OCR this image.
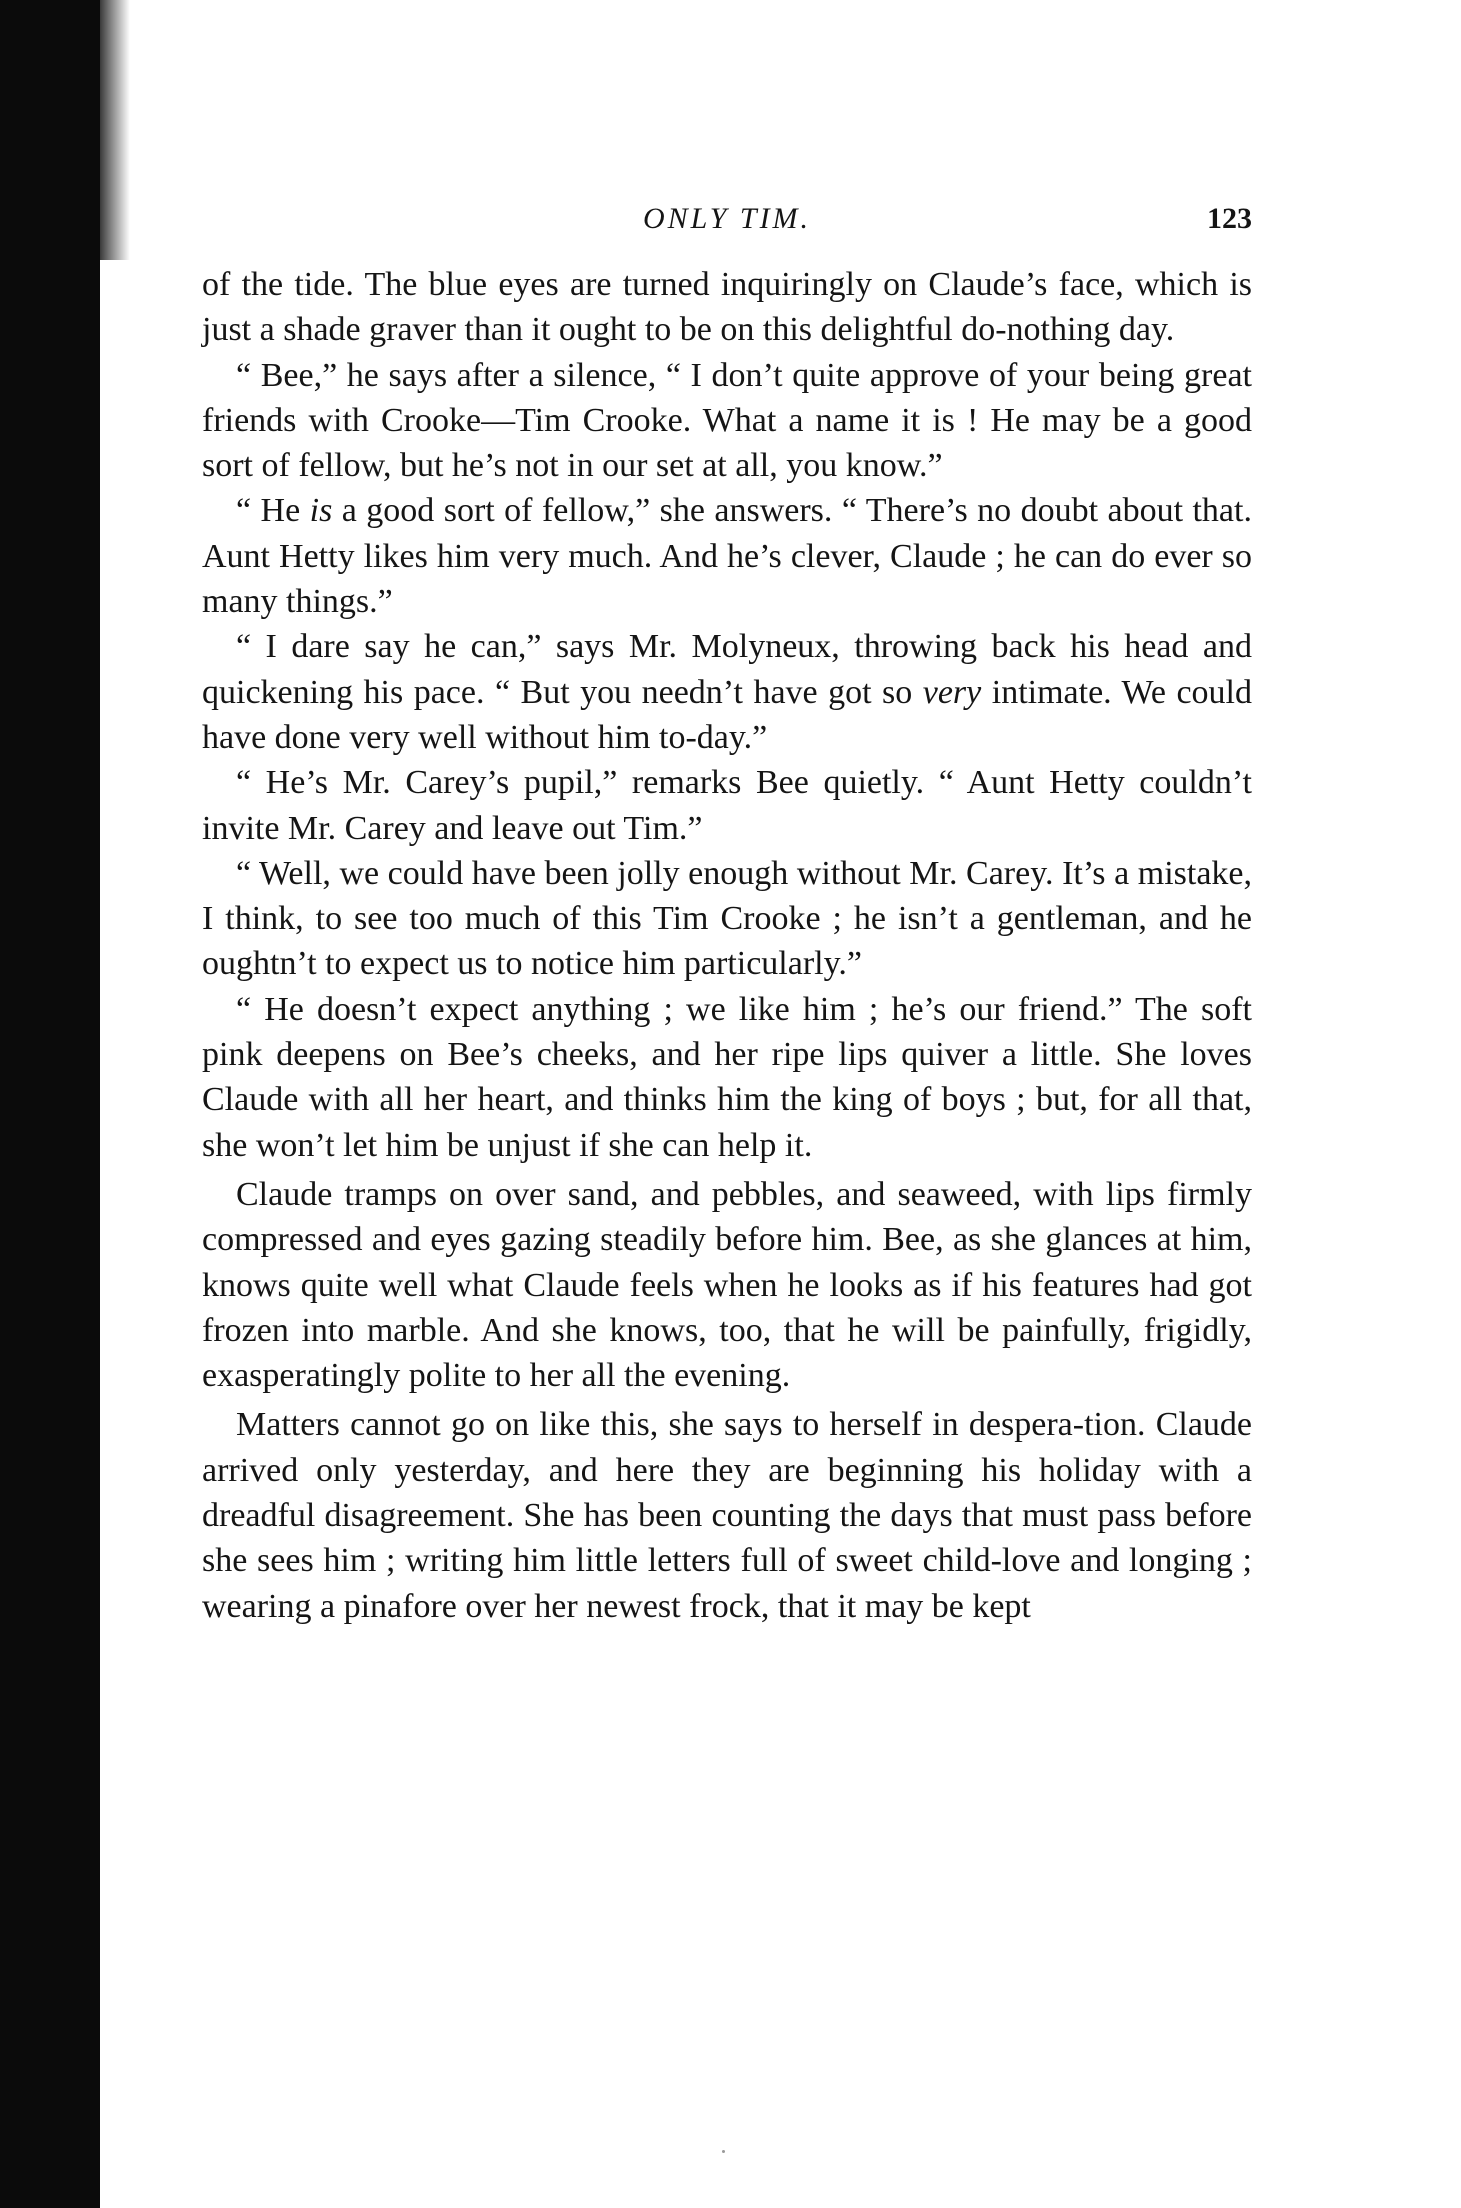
ONLY TIM.	123

of the tide. The blue eyes are turned inquiringly on Claude’s face, which is just a shade graver than it ought to be on this delightful do-nothing day.

“ Bee,” he says after a silence, “ I don’t quite approve of your being great friends with Crooke—Tim Crooke. What a name it is ! He may be a good sort of fellow, but he’s not in our set at all, you know.”

“ He is a good sort of fellow,” she answers. “ There’s no doubt about that. Aunt Hetty likes him very much. And he’s clever, Claude ; he can do ever so many things.”

“ I dare say he can,” says Mr. Molyneux, throwing back his head and quickening his pace. “ But you needn’t have got so very intimate. We could have done very well without him to-day.”

“ He’s Mr. Carey’s pupil,” remarks Bee quietly. “ Aunt Hetty couldn’t invite Mr. Carey and leave out Tim.”

“ Well, we could have been jolly enough without Mr. Carey. It’s a mistake, I think, to see too much of this Tim Crooke ; he isn’t a gentleman, and he oughtn’t to expect us to notice him particularly.”

“ He doesn’t expect anything ; we like him ; he’s our friend.” The soft pink deepens on Bee’s cheeks, and her ripe lips quiver a little. She loves Claude with all her heart, and thinks him the king of boys ; but, for all that, she won’t let him be unjust if she can help it.

Claude tramps on over sand, and pebbles, and seaweed, with lips firmly compressed and eyes gazing steadily before him. Bee, as she glances at him, knows quite well what Claude feels when he looks as if his features had got frozen into marble. And she knows, too, that he will be painfully, frigidly, exasperatingly polite to her all the evening.

Matters cannot go on like this, she says to herself in despera-tion. Claude arrived only yesterday, and here they are beginning his holiday with a dreadful disagreement. She has been counting the days that must pass before she sees him ; writing him little letters full of sweet child-love and longing ; wearing a pinafore over her newest frock, that it may be kept
